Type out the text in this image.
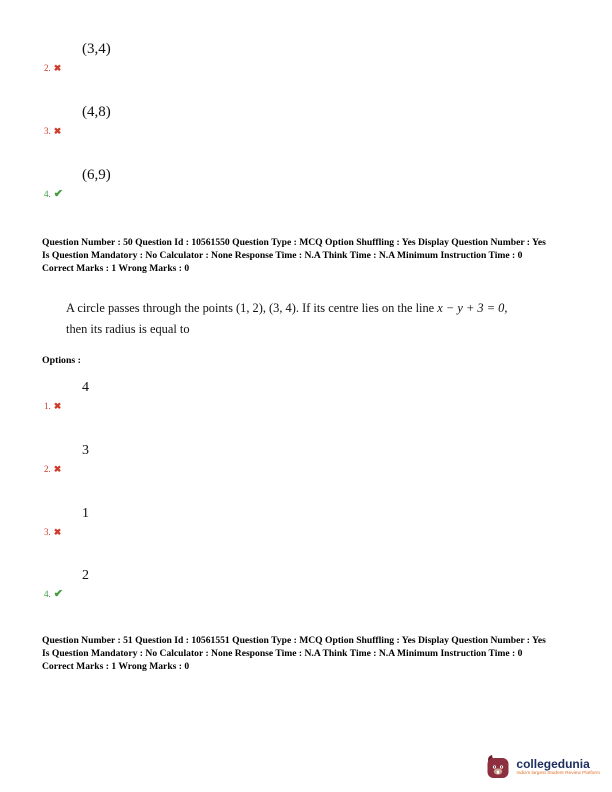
(3,4)
2. ✖
(4,8)
3. ✖
(6,9)
4. ✔
Question Number : 50 Question Id : 10561550 Question Type : MCQ Option Shuffling : Yes Display Question Number : Yes
Is Question Mandatory : No Calculator : None Response Time : N.A Think Time : N.A Minimum Instruction Time : 0
Correct Marks : 1 Wrong Marks : 0
A circle passes through the points (1, 2), (3, 4). If its centre lies on the line x − y + 3 = 0,
then its radius is equal to
Options :
4
1. ✖
3
2. ✖
1
3. ✖
2
4. ✔
Question Number : 51 Question Id : 10561551 Question Type : MCQ Option Shuffling : Yes Display Question Number : Yes
Is Question Mandatory : No Calculator : None Response Time : N.A Think Time : N.A Minimum Instruction Time : 0
Correct Marks : 1 Wrong Marks : 0
collegedunia
India's largest Student Review Platform
